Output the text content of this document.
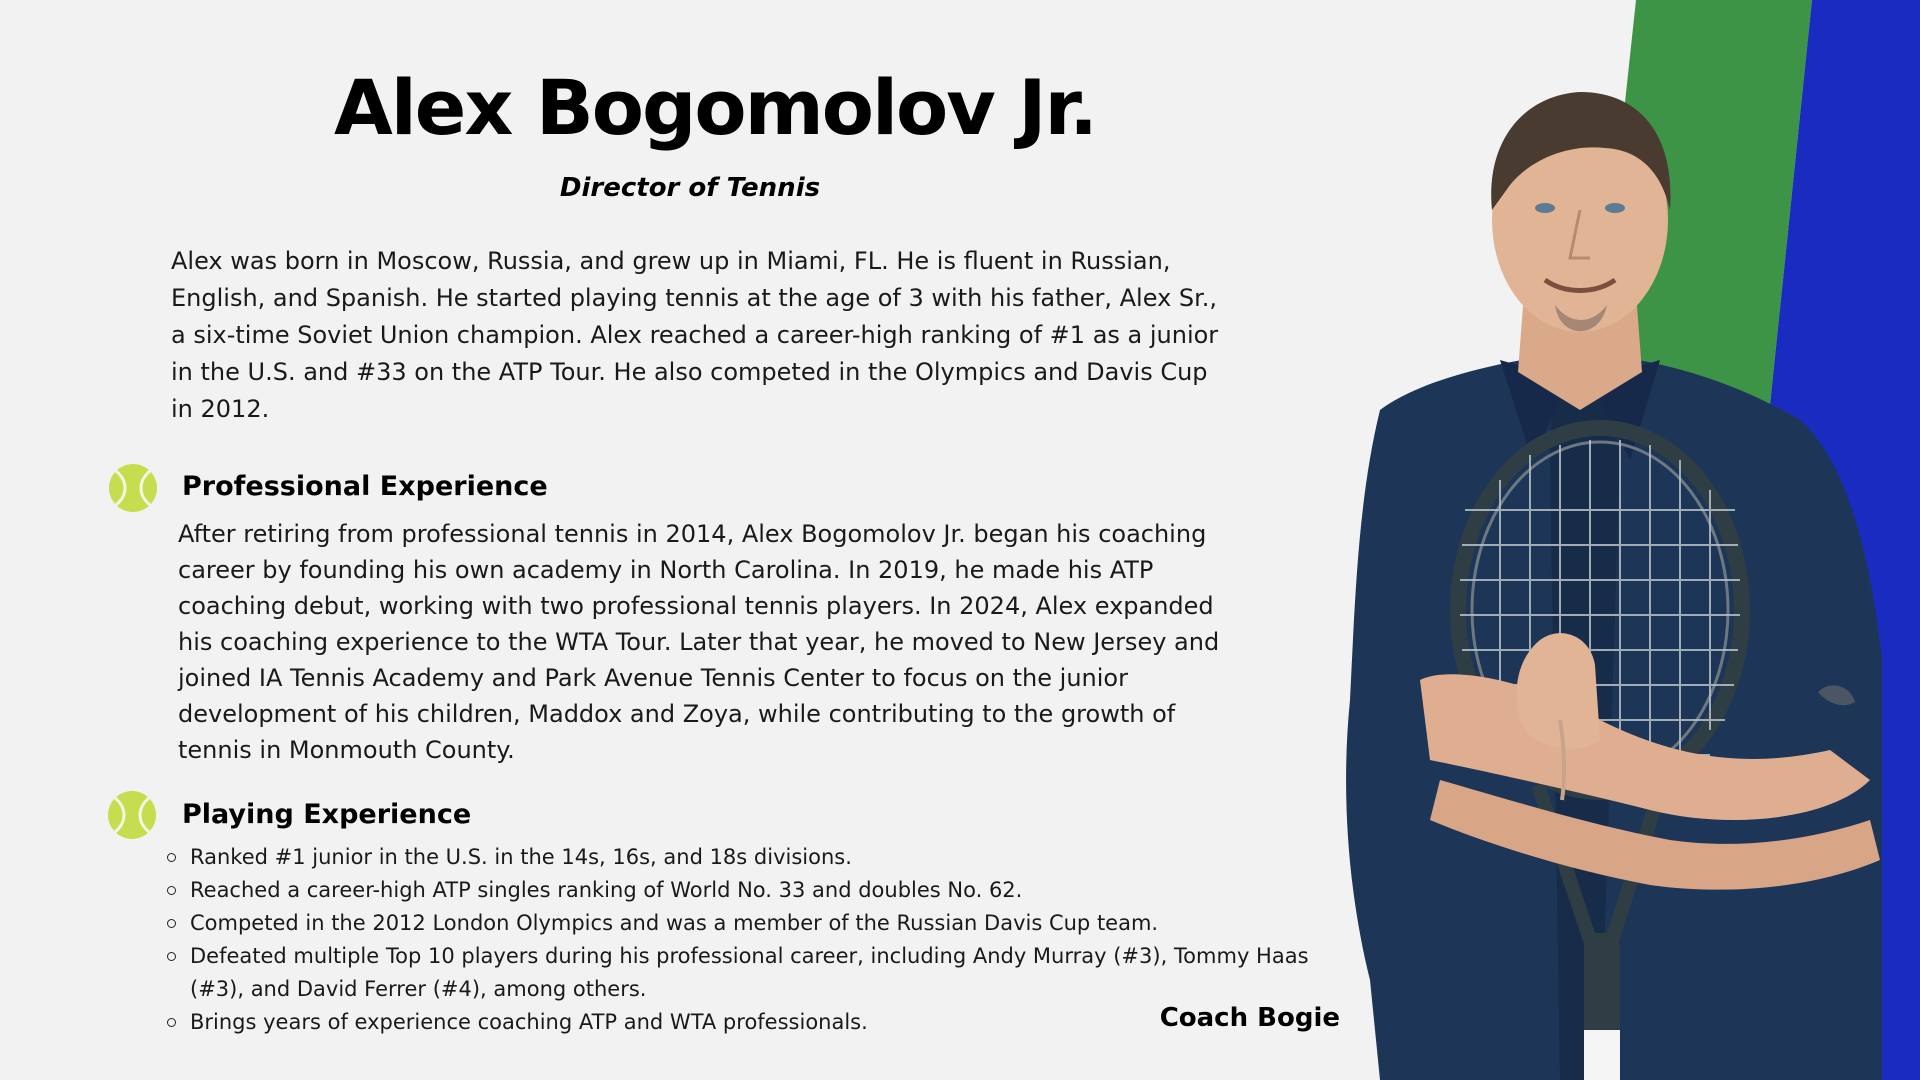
Alex Bogomolov Jr.

Director of Tennis

Alex was born in Moscow, Russia, and grew up in Miami, FL. He is fluent in Russian, English, and Spanish. He started playing tennis at the age of 3 with his father, Alex Sr., a six-time Soviet Union champion. Alex reached a career-high ranking of #1 as a junior in the U.S. and #33 on the ATP Tour. He also competed in the Olympics and Davis Cup in 2012.

Professional Experience

After retiring from professional tennis in 2014, Alex Bogomolov Jr. began his coaching career by founding his own academy in North Carolina. In 2019, he made his ATP coaching debut, working with two professional tennis players. In 2024, Alex expanded his coaching experience to the WTA Tour. Later that year, he moved to New Jersey and joined IA Tennis Academy and Park Avenue Tennis Center to focus on the junior development of his children, Maddox and Zoya, while contributing to the growth of tennis in Monmouth County.

Playing Experience
Ranked #1 junior in the U.S. in the 14s, 16s, and 18s divisions.
Reached a career-high ATP singles ranking of World No. 33 and doubles No. 62.
Competed in the 2012 London Olympics and was a member of the Russian Davis Cup team.
Defeated multiple Top 10 players during his professional career, including Andy Murray (#3), Tommy Haas (#3), and David Ferrer (#4), among others.
Brings years of experience coaching ATP and WTA professionals.	Coach Bogie
